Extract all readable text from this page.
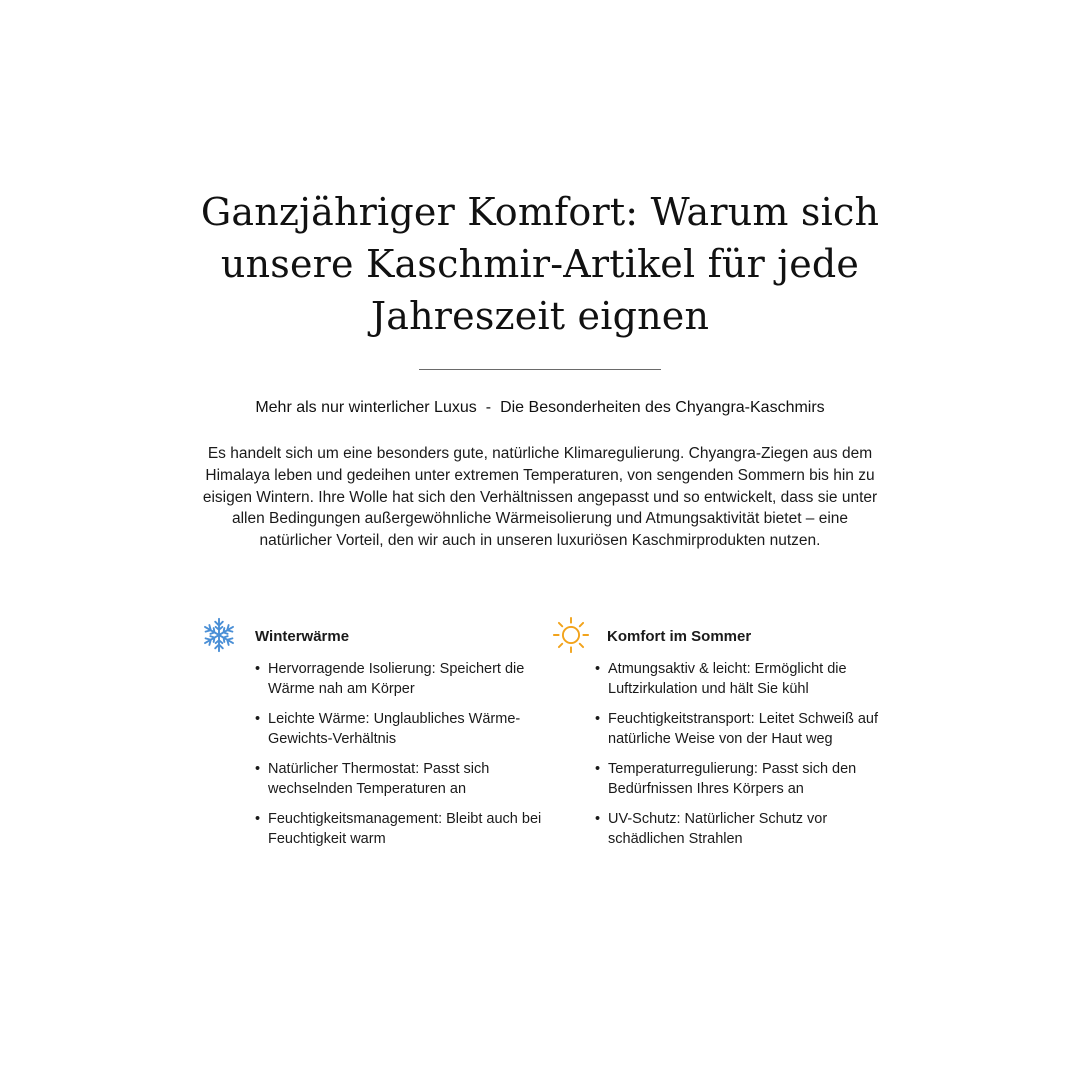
Ganzjähriger Komfort: Warum sich unsere Kaschmir-Artikel für jede Jahreszeit eignen
Mehr als nur winterlicher Luxus - Die Besonderheiten des Chyangra-Kaschmirs

Es handelt sich um eine besonders gute, natürliche Klimaregulierung. Chyangra-Ziegen aus dem Himalaya leben und gedeihen unter extremen Temperaturen, von sengenden Sommern bis hin zu eisigen Wintern. Ihre Wolle hat sich den Verhältnissen angepasst und so entwickelt, dass sie unter allen Bedingungen außergewöhnliche Wärmeisolierung und Atmungsaktivität bietet – eine natürlicher Vorteil, den wir auch in unseren luxuriösen Kaschmirprodukten nutzen.

Winterwärme
• Hervorragende Isolierung: Speichert die Wärme nah am Körper
• Leichte Wärme: Unglaubliches Wärme-Gewichts-Verhältnis
• Natürlicher Thermostat: Passt sich wechselnden Temperaturen an
• Feuchtigkeitsmanagement: Bleibt auch bei Feuchtigkeit warm
Komfort im Sommer
• Atmungsaktiv & leicht: Ermöglicht die Luftzirkulation und hält Sie kühl
• Feuchtigkeitstransport: Leitet Schweiß auf natürliche Weise von der Haut weg
• Temperaturregulierung: Passt sich den Bedürfnissen Ihres Körpers an
• UV-Schutz: Natürlicher Schutz vor schädlichen Strahlen
